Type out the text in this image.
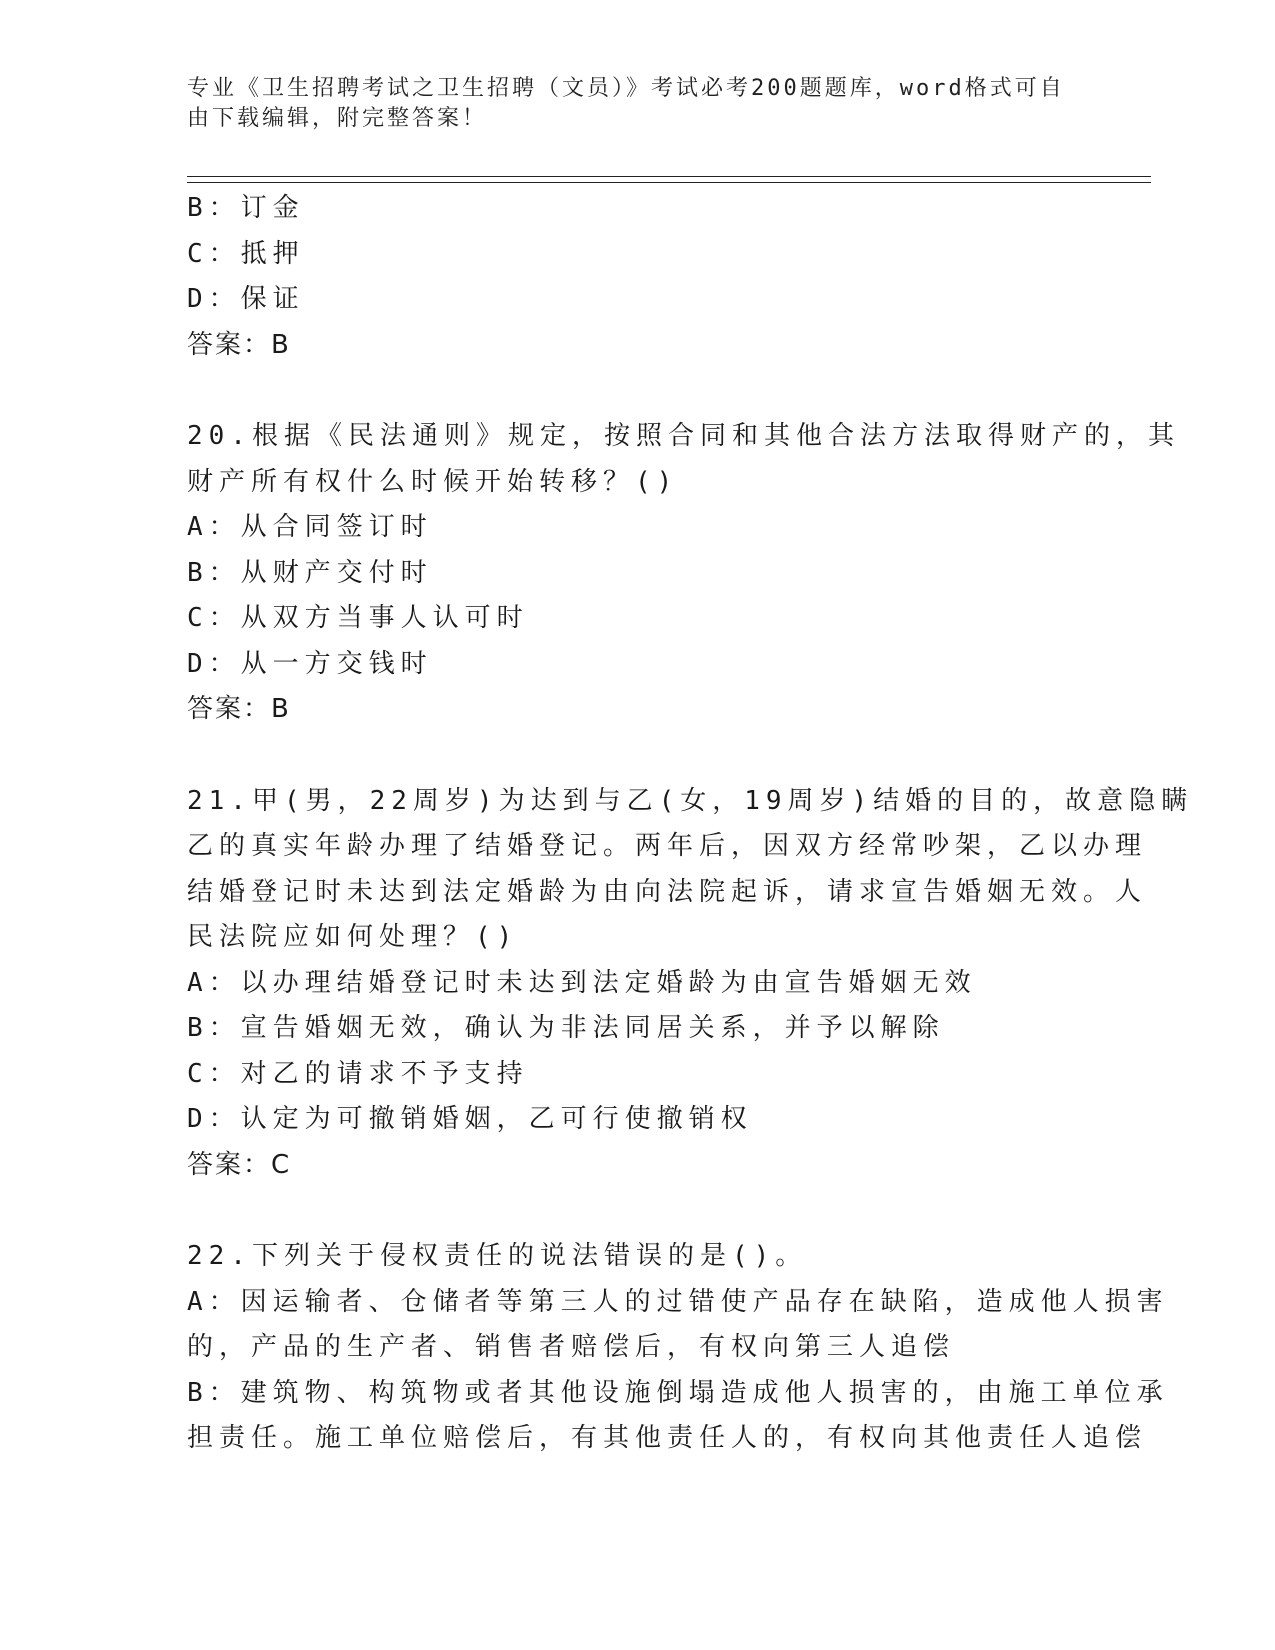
专业《卫生招聘考试之卫生招聘（文员）》考试必考200题题库，word格式可自
由下载编辑，附完整答案！
B：订金
C：抵押
D：保证
答案：B
20.根据《民法通则》规定，按照合同和其他合法方法取得财产的，其
财产所有权什么时候开始转移？()
A：从合同签订时
B：从财产交付时
C：从双方当事人认可时
D：从一方交钱时
答案：B
21.甲(男，22周岁)为达到与乙(女，19周岁)结婚的目的，故意隐瞒
乙的真实年龄办理了结婚登记。两年后，因双方经常吵架，乙以办理
结婚登记时未达到法定婚龄为由向法院起诉，请求宣告婚姻无效。人
民法院应如何处理？()
A：以办理结婚登记时未达到法定婚龄为由宣告婚姻无效
B：宣告婚姻无效，确认为非法同居关系，并予以解除
C：对乙的请求不予支持
D：认定为可撤销婚姻，乙可行使撤销权
答案：C
22.下列关于侵权责任的说法错误的是()。
A：因运输者、仓储者等第三人的过错使产品存在缺陷，造成他人损害
的，产品的生产者、销售者赔偿后，有权向第三人追偿
B：建筑物、构筑物或者其他设施倒塌造成他人损害的，由施工单位承
担责任。施工单位赔偿后，有其他责任人的，有权向其他责任人追偿
